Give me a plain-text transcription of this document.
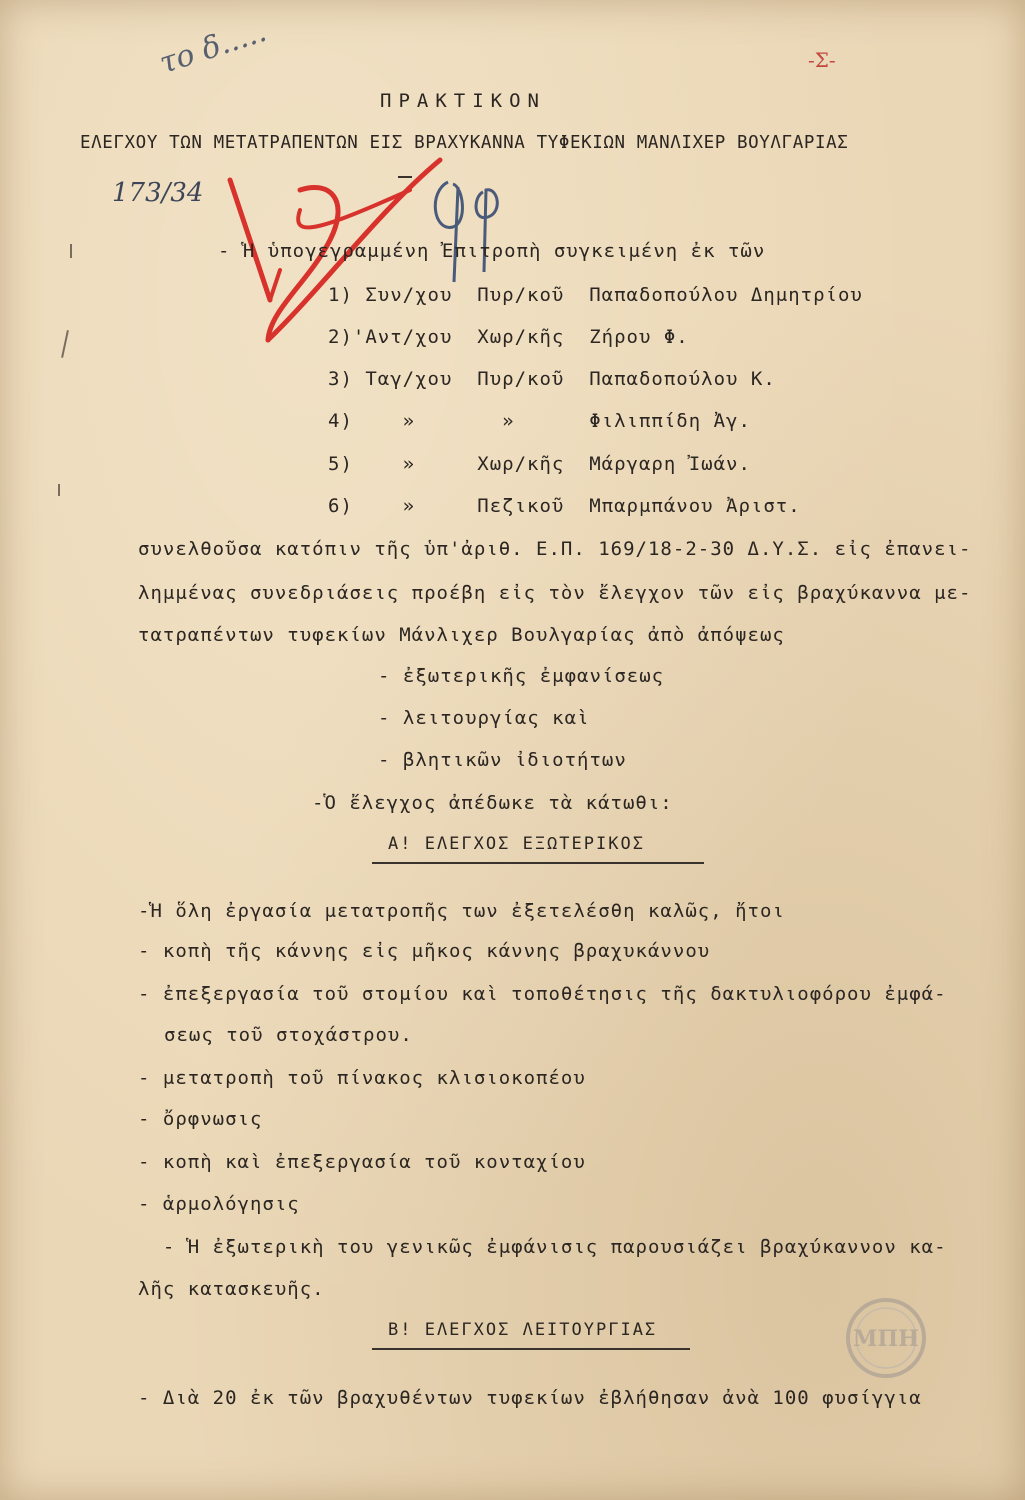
το δ.....	-Σ-
173/34
ΠΡΑΚΤΙΚΟΝ
ΕΛΕΓΧΟΥ ΤΩΝ ΜΕΤΑΤΡΑΠΕΝΤΩΝ ΕΙΣ ΒΡΑΧΥΚΑΝΝΑ ΤΥΦΕΚΙΩΝ ΜΑΝΛΙΧΕΡ ΒΟΥΛΓΑΡΙΑΣ
- Ἡ ὑπογεγραμμένη Ἐπιτροπὴ συγκειμένη ἐκ τῶν
1) Συν/χου  Πυρ/κοῦ  Παπαδοπούλου Δημητρίου
2)'Αντ/χου  Χωρ/κῆς  Ζήρου Φ.
3) Ταγ/χου  Πυρ/κοῦ  Παπαδοπούλου Κ.
4)    »       »      Φιλιππίδη Ἀγ.
5)    »     Χωρ/κῆς  Μάργαρη Ἰωάν.
6)    »     Πεζικοῦ  Μπαρμπάνου Ἀριστ.
συνελθοῦσα κατόπιν τῆς ὑπ'ἀριθ. Ε.Π. 169/18-2-30 Δ.Υ.Σ. εἰς ἐπανει-
λημμένας συνεδριάσεις προέβη εἰς τὸν ἔλεγχον τῶν εἰς βραχύκαννα με-
τατραπέντων τυφεκίων Μάνλιχερ Βουλγαρίας ἀπὸ ἀπόψεως
- ἐξωτερικῆς ἐμφανίσεως
- λειτουργίας καὶ
- βλητικῶν ἰδιοτήτων
-Ὁ ἔλεγχος ἀπέδωκε τὰ κάτωθι:
Α! ΕΛΕΓΧΟΣ ΕΞΩΤΕΡΙΚΟΣ
-Ἡ ὅλη ἐργασία μετατροπῆς των ἐξετελέσθη καλῶς, ἤτοι
- κοπὴ τῆς κάννης εἰς μῆκος κάννης βραχυκάννου
- ἐπεξεργασία τοῦ στομίου καὶ τοποθέτησις τῆς δακτυλιοφόρου ἐμφά-
σεως τοῦ στοχάστρου.
- μετατροπὴ τοῦ πίνακος κλισιοκοπέου
- ὄρφνωσις
- κοπὴ καὶ ἐπεξεργασία τοῦ κονταχίου
- ἁρμολόγησις
- Ἡ ἐξωτερικὴ του γενικῶς ἐμφάνισις παρουσιάζει βραχύκαννον κα-
λῆς κατασκευῆς.
Β! ΕΛΕΓΧΟΣ ΛΕΙΤΟΥΡΓΙΑΣ
- Διὰ 20 ἐκ τῶν βραχυθέντων τυφεκίων ἐβλήθησαν ἀνὰ 100 φυσίγγια
ΜΠΗ
